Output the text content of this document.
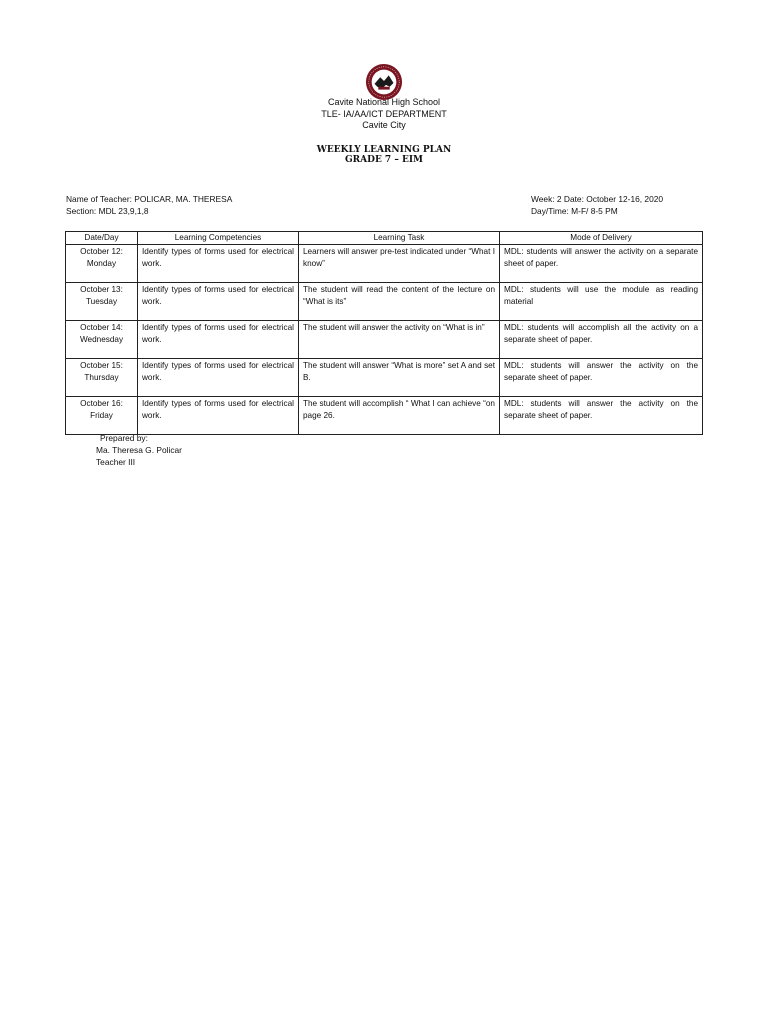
Cavite National High School
TLE- IA/AA/ICT DEPARTMENT
Cavite City
WEEKLY LEARNING PLAN
GRADE 7 – EIM
Name of Teacher: POLICAR, MA. THERESA
Section: MDL 23,9,1,8
Week: 2 Date: October 12-16, 2020
Day/Time: M-F/ 8-5 PM
Date/Day	Learning Competencies	Learning Task	Mode of Delivery

October 12:
Monday	Identify types of forms used for electrical work.	Learners will answer pre-test indicated under “What I know”	MDL: students will answer the activity on a separate sheet of paper.

October 13:
Tuesday	Identify types of forms used for electrical work.	The student will read the content of the lecture on “What is its”	MDL: students will use the module as reading material

October 14:
Wednesday	Identify types of forms used for electrical work.	The student will answer the activity on “What is in”	MDL: students will accomplish all the activity on a separate sheet of paper.

October 15:
Thursday	Identify types of forms used for electrical work.	The student will answer “What is more” set A and set B.	MDL: students will answer the activity on the separate sheet of paper.

October 16:
Friday	Identify types of forms used for electrical work.	The student will accomplish “ What I can achieve “on page 26.	MDL: students will answer the activity on the separate sheet of paper.
Prepared by:
Ma. Theresa G. Policar
Teacher III
